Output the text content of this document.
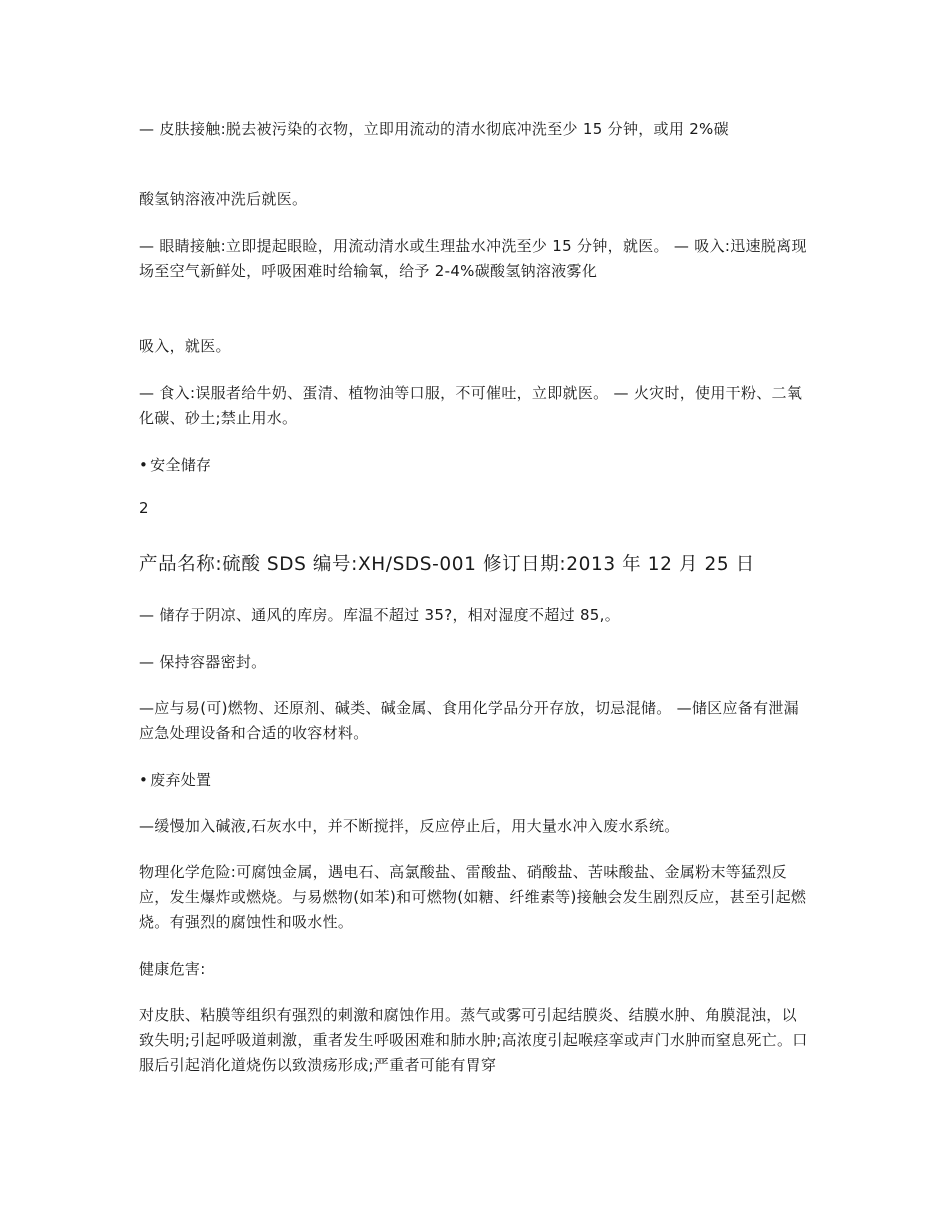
— 皮肤接触:脱去被污染的衣物，立即用流动的清水彻底冲洗至少 15 分钟，或用 2%碳

酸氢钠溶液冲洗后就医。

— 眼睛接触:立即提起眼睑，用流动清水或生理盐水冲洗至少 15 分钟，就医。 — 吸入:迅速脱离现场至空气新鲜处，呼吸困难时给输氧，给予 2-4%碳酸氢钠溶液雾化

吸入，就医。

— 食入:误服者给牛奶、蛋清、植物油等口服，不可催吐，立即就医。 — 火灾时，使用干粉、二氧化碳、砂土;禁止用水。

• 安全储存

2

产品名称:硫酸 SDS 编号:XH/SDS-001 修订日期:2013 年 12 月 25 日

— 储存于阴凉、通风的库房。库温不超过 35?，相对湿度不超过 85,。

— 保持容器密封。

—应与易(可)燃物、还原剂、碱类、碱金属、食用化学品分开存放，切忌混储。 —储区应备有泄漏应急处理设备和合适的收容材料。

• 废弃处置

—缓慢加入碱液,石灰水中，并不断搅拌，反应停止后，用大量水冲入废水系统。

物理化学危险:可腐蚀金属，遇电石、高氯酸盐、雷酸盐、硝酸盐、苦味酸盐、金属粉末等猛烈反应，发生爆炸或燃烧。与易燃物(如苯)和可燃物(如糖、纤维素等)接触会发生剧烈反应，甚至引起燃烧。有强烈的腐蚀性和吸水性。

健康危害:

对皮肤、粘膜等组织有强烈的刺激和腐蚀作用。蒸气或雾可引起结膜炎、结膜水肿、角膜混浊，以致失明;引起呼吸道刺激，重者发生呼吸困难和肺水肿;高浓度引起喉痉挛或声门水肿而窒息死亡。口服后引起消化道烧伤以致溃疡形成;严重者可能有胃穿
